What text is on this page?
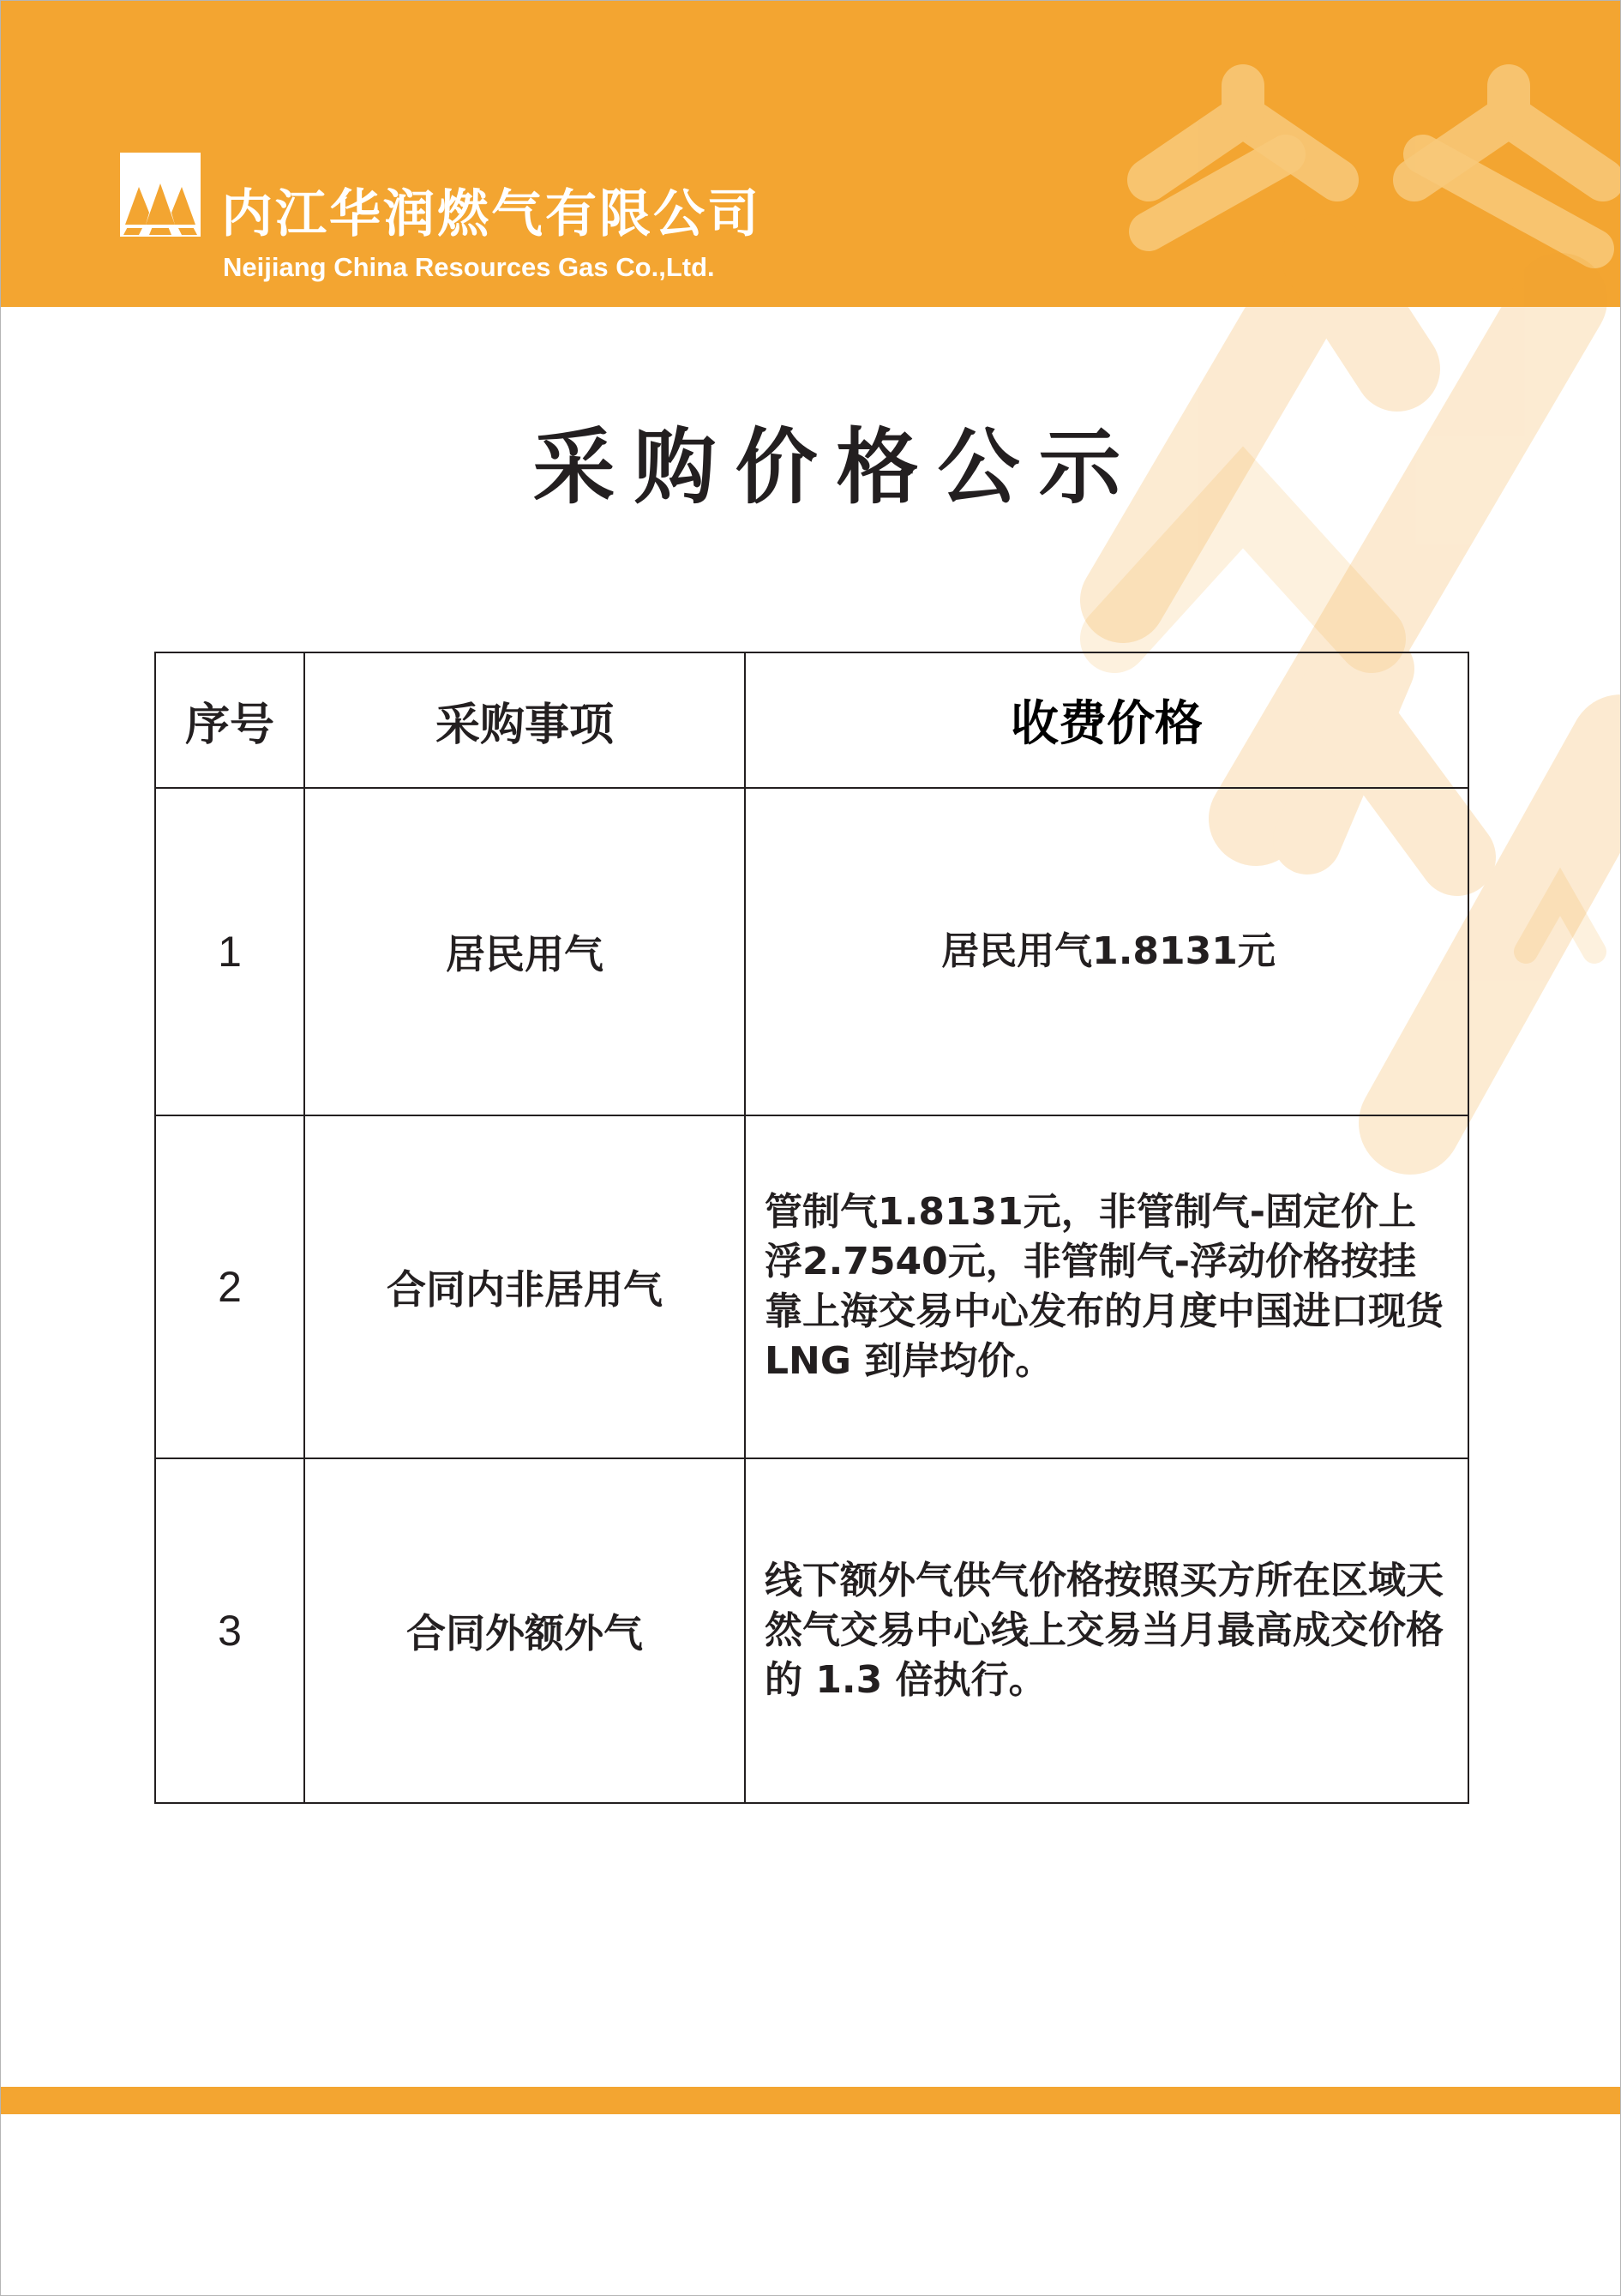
内江华润燃气有限公司
Neijiang China Resources Gas Co.,Ltd.
采购价格公示
序号	采购事项	收费价格
1	居民用气	居民用气1.8131元
2	合同内非居用气	管制气1.8131元，非管制气-固定价上浮2.7540元，非管制气-浮动价格按挂靠上海交易中心发布的月度中国进口现货 LNG 到岸均价。
3	合同外额外气	线下额外气供气价格按照买方所在区域天然气交易中心线上交易当月最高成交价格的 1.3 倍执行。
